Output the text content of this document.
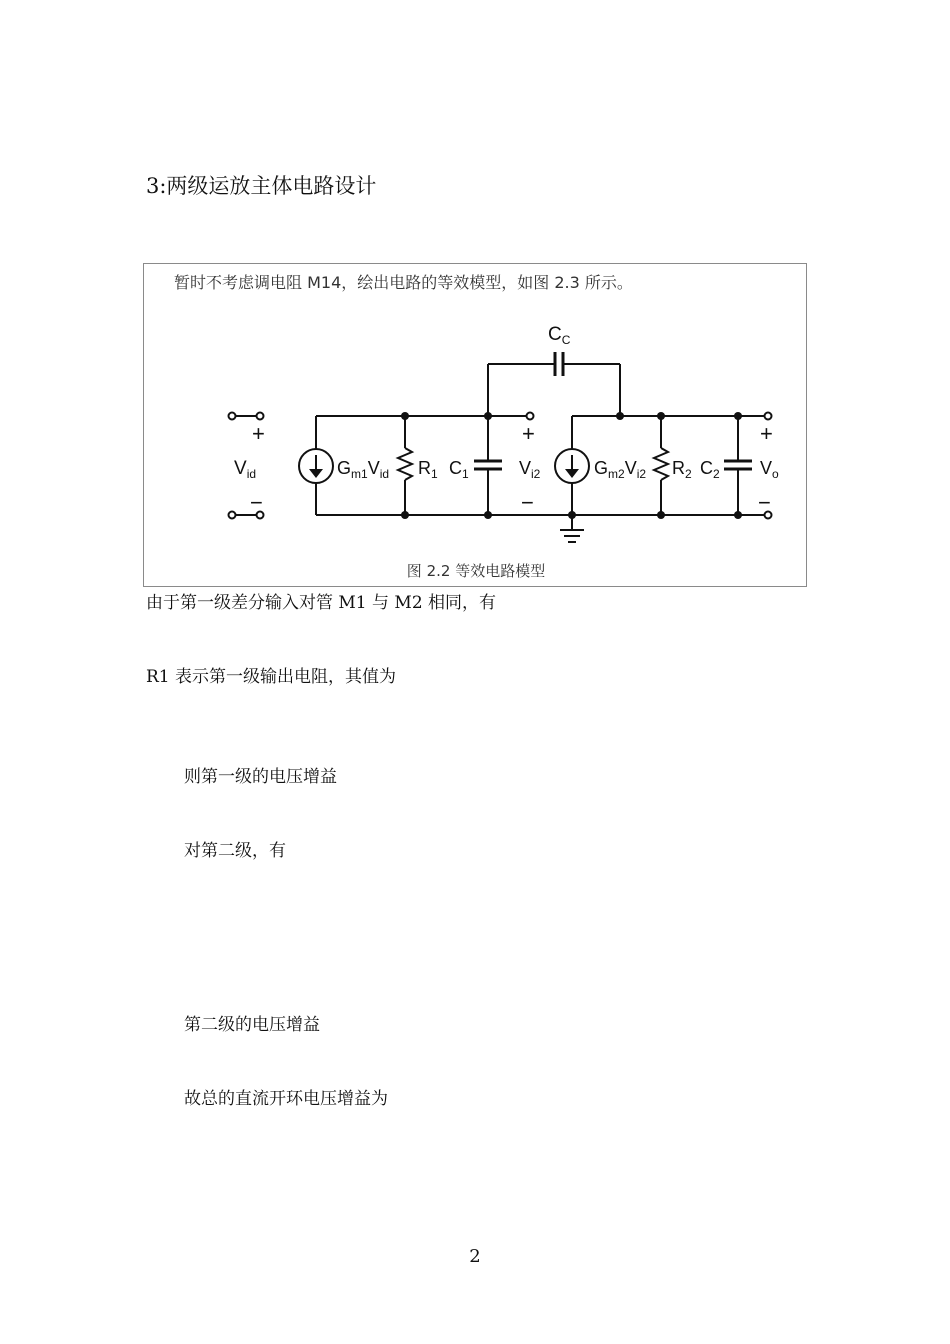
3:两级运放主体电路设计
暂时不考虑调电阻 M14，绘出电路的等效模型，如图 2.3 所示。
$C_C$
+
$V_{id}$
−
$G_{m1}V_{id}$ $R_1$ $C_1$
+
$V_{i2}$
−
$G_{m2}V_{i2}$ $R_2$ $C_2$
+
$V_o$
−
图 2.2 等效电路模型
由于第一级差分输入对管 M1 与 M2 相同，有
R1 表示第一级输出电阻，其值为
则第一级的电压增益
对第二级，有
第二级的电压增益
故总的直流开环电压增益为
2
